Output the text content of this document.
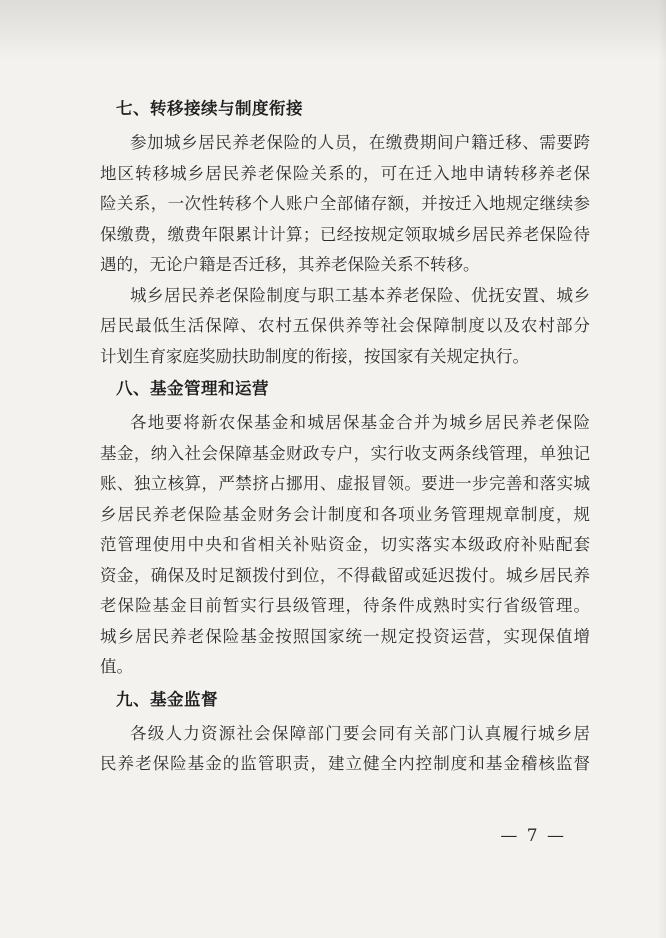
七、转移接续与制度衔接

参加城乡居民养老保险的人员，在缴费期间户籍迁移、需要跨
地区转移城乡居民养老保险关系的，可在迁入地申请转移养老保
险关系，一次性转移个人账户全部储存额，并按迁入地规定继续参
保缴费，缴费年限累计计算；已经按规定领取城乡居民养老保险待
遇的，无论户籍是否迁移，其养老保险关系不转移。

城乡居民养老保险制度与职工基本养老保险、优抚安置、城乡
居民最低生活保障、农村五保供养等社会保障制度以及农村部分
计划生育家庭奖励扶助制度的衔接，按国家有关规定执行。

八、基金管理和运营

各地要将新农保基金和城居保基金合并为城乡居民养老保险
基金，纳入社会保障基金财政专户，实行收支两条线管理，单独记
账、独立核算，严禁挤占挪用、虚报冒领。要进一步完善和落实城
乡居民养老保险基金财务会计制度和各项业务管理规章制度，规
范管理使用中央和省相关补贴资金，切实落实本级政府补贴配套
资金，确保及时足额拨付到位，不得截留或延迟拨付。城乡居民养
老保险基金目前暂实行县级管理，待条件成熟时实行省级管理。
城乡居民养老保险基金按照国家统一规定投资运营，实现保值增
值。

九、基金监督

各级人力资源社会保障部门要会同有关部门认真履行城乡居
民养老保险基金的监管职责，建立健全内控制度和基金稽核监督

— 7 —
